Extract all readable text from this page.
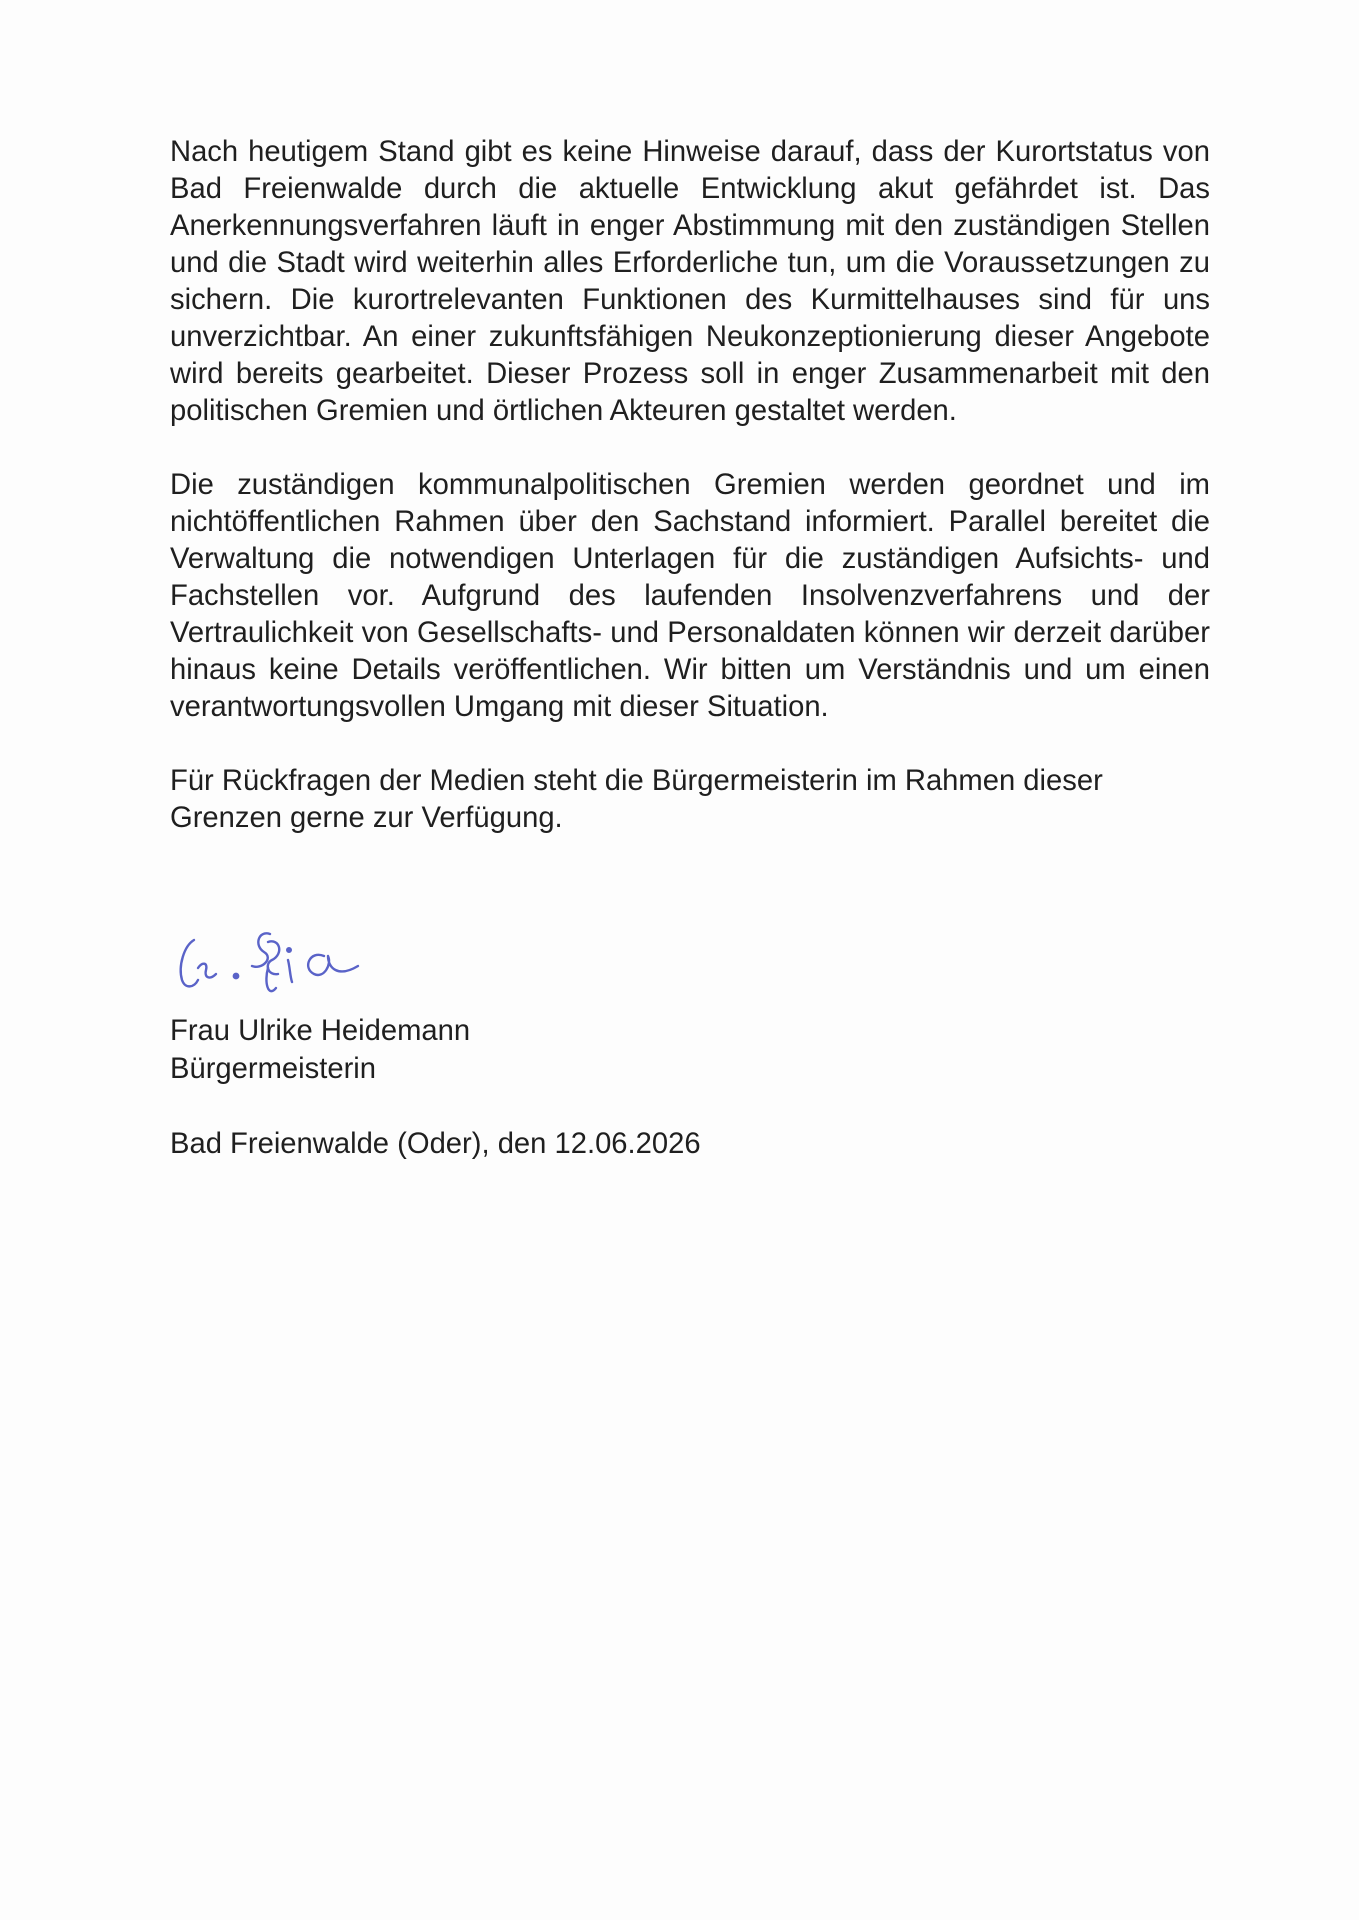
Nach heutigem Stand gibt es keine Hinweise darauf, dass der Kurortstatus von Bad Freienwalde durch die aktuelle Entwicklung akut gefährdet ist. Das Anerkennungsverfahren läuft in enger Abstimmung mit den zuständigen Stellen und die Stadt wird weiterhin alles Erforderliche tun, um die Voraussetzungen zu sichern. Die kurortrelevanten Funktionen des Kurmittelhauses sind für uns unverzichtbar. An einer zukunftsfähigen Neukonzeptionierung dieser Angebote wird bereits gearbeitet. Dieser Prozess soll in enger Zusammenarbeit mit den politischen Gremien und örtlichen Akteuren gestaltet werden.

Die zuständigen kommunalpolitischen Gremien werden geordnet und im nichtöffentlichen Rahmen über den Sachstand informiert. Parallel bereitet die Verwaltung die notwendigen Unterlagen für die zuständigen Aufsichts- und Fachstellen vor. Aufgrund des laufenden Insolvenzverfahrens und der Vertraulichkeit von Gesellschafts- und Personaldaten können wir derzeit darüber hinaus keine Details veröffentlichen. Wir bitten um Verständnis und um einen verantwortungsvollen Umgang mit dieser Situation.

Für Rückfragen der Medien steht die Bürgermeisterin im Rahmen dieser Grenzen gerne zur Verfügung.

Frau Ulrike Heidemann
Bürgermeisterin
Bad Freienwalde (Oder), den 12.06.2026
